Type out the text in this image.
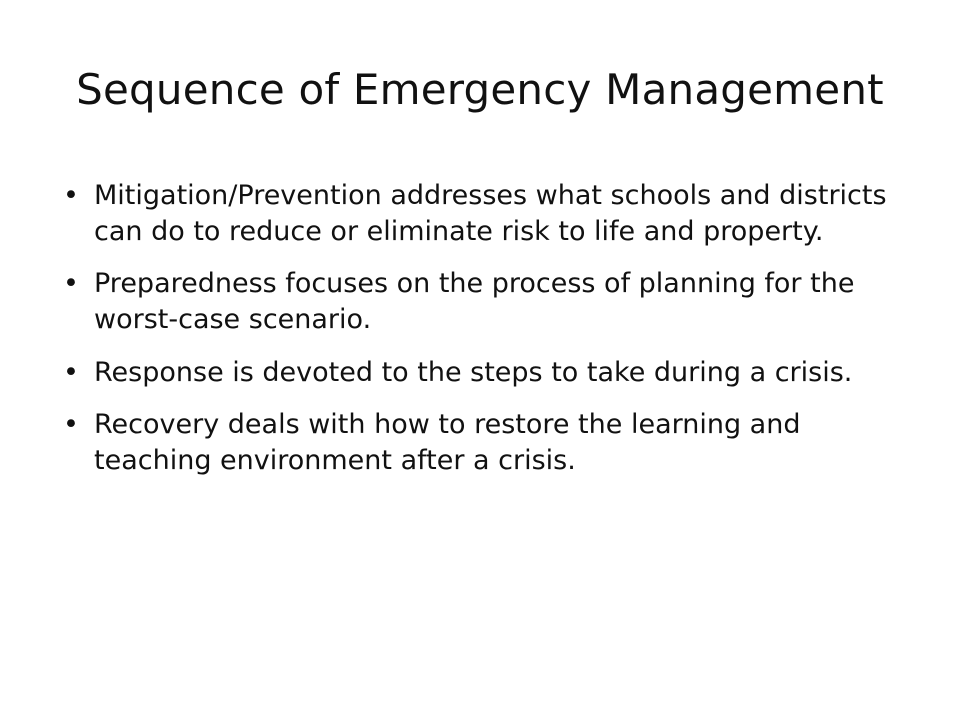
Sequence of Emergency Management
• Mitigation/Prevention addresses what schools and districts can do to reduce or eliminate risk to life and property.
• Preparedness focuses on the process of planning for the worst-case scenario.
• Response is devoted to the steps to take during a crisis.
• Recovery deals with how to restore the learning and teaching environment after a crisis.
